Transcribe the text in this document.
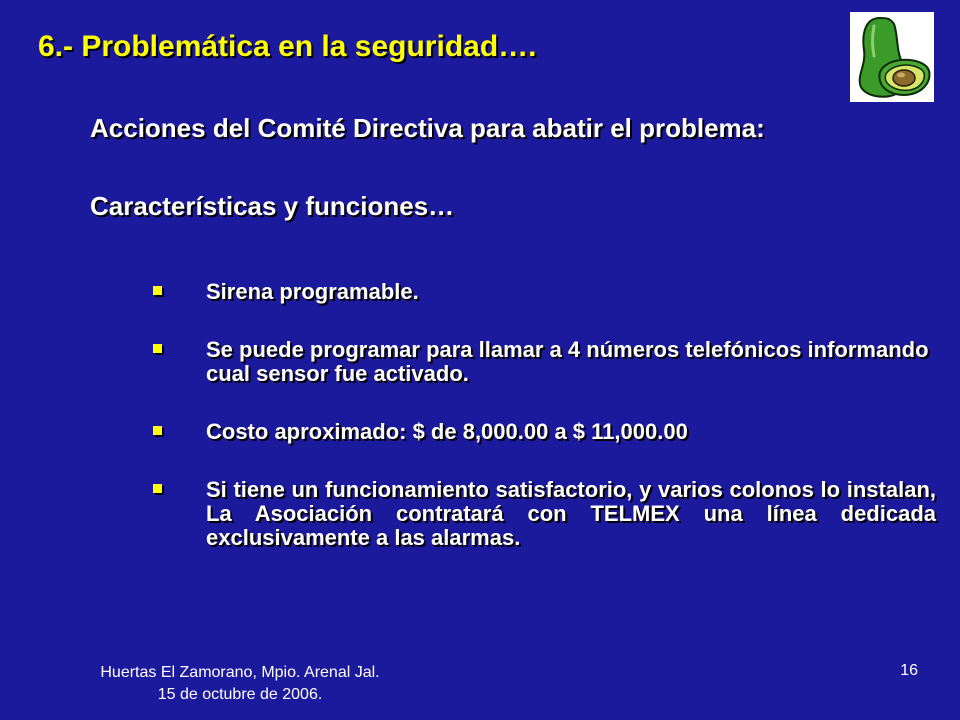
6.- Problemática en la seguridad….
Acciones del Comité Directiva para abatir el problema:
Características y funciones…
Sirena programable.
Se puede programar para llamar a 4 números telefónicos informando cual sensor fue activado.
Costo aproximado: $ de 8,000.00 a $ 11,000.00
Si tiene un funcionamiento satisfactorio, y varios colonos lo instalan, La Asociación contratará con TELMEX una línea dedicada exclusivamente a las alarmas.
Huertas El Zamorano, Mpio. Arenal Jal.
15 de octubre de 2006.
16
